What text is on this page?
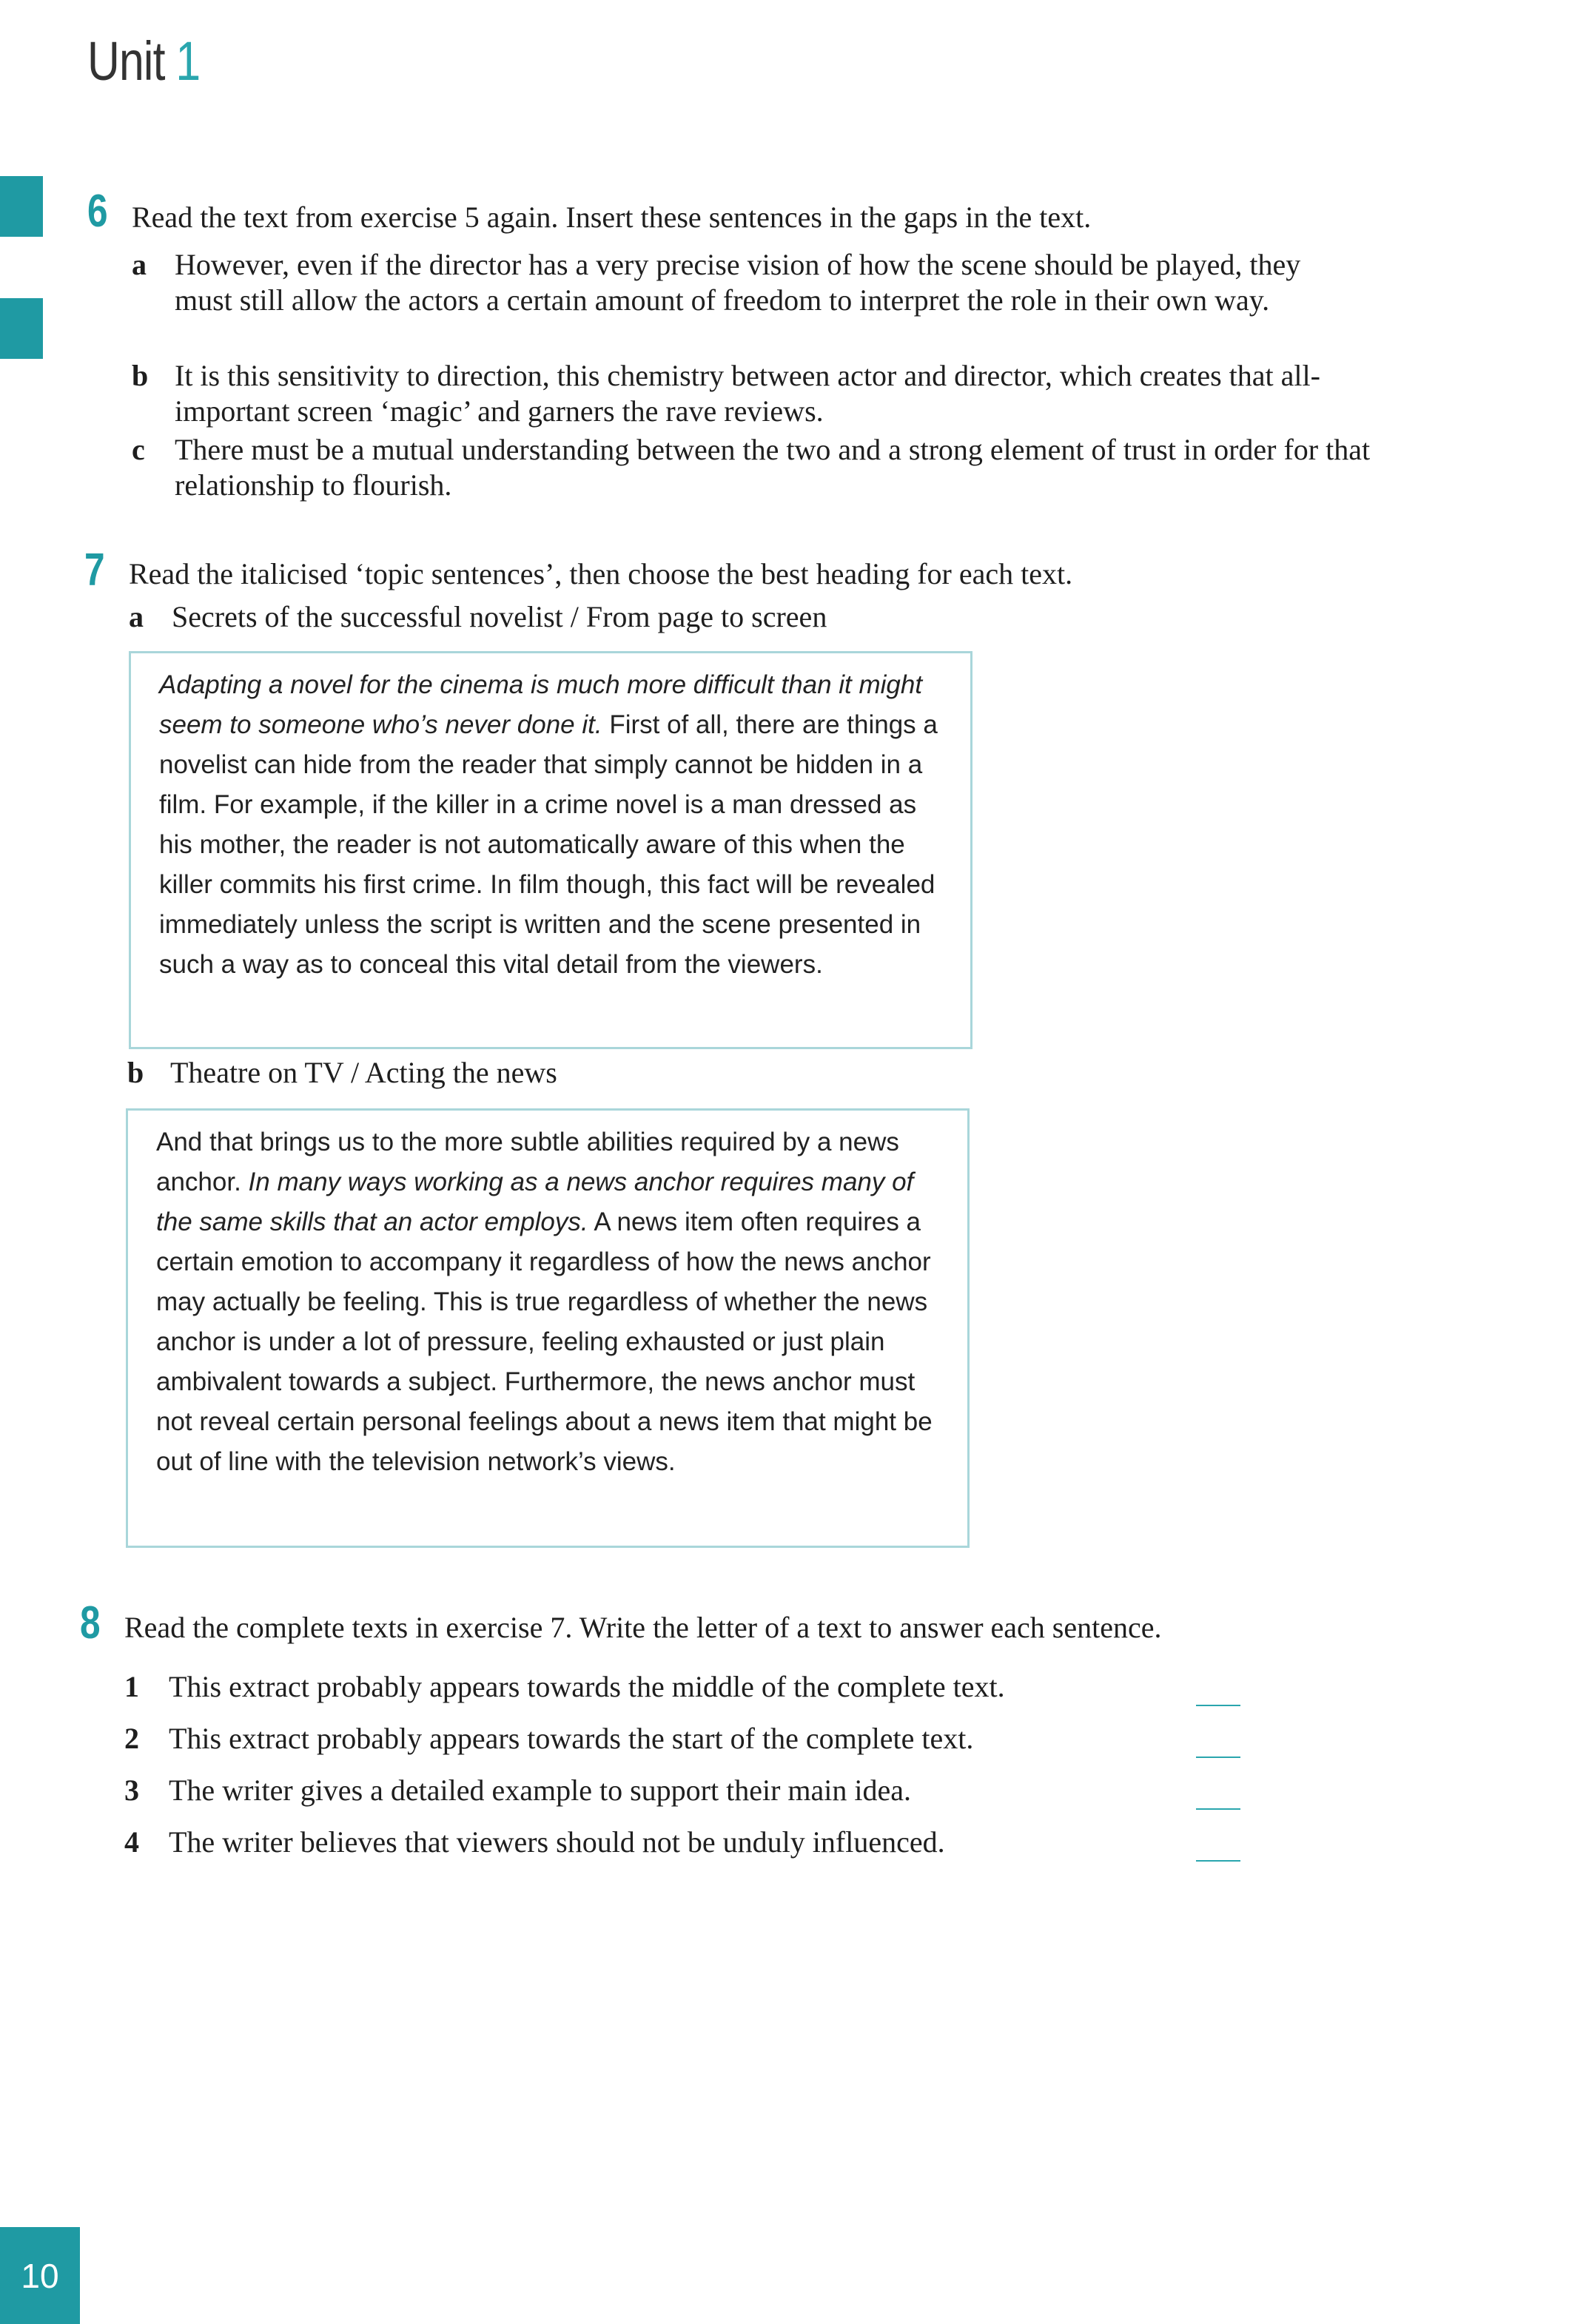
Unit 1
6 Read the text from exercise 5 again. Insert these sentences in the gaps in the text.
a However, even if the director has a very precise vision of how the scene should be played, they must still allow the actors a certain amount of freedom to interpret the role in their own way.
b It is this sensitivity to direction, this chemistry between actor and director, which creates that all-important screen ‘magic’ and garners the rave reviews.
c There must be a mutual understanding between the two and a strong element of trust in order for that relationship to flourish.
7 Read the italicised ‘topic sentences’, then choose the best heading for each text.
a Secrets of the successful novelist / From page to screen
Adapting a novel for the cinema is much more difficult than it might seem to someone who’s never done it. First of all, there are things a novelist can hide from the reader that simply cannot be hidden in a film. For example, if the killer in a crime novel is a man dressed as his mother, the reader is not automatically aware of this when the killer commits his first crime. In film though, this fact will be revealed immediately unless the script is written and the scene presented in such a way as to conceal this vital detail from the viewers.
b Theatre on TV / Acting the news
And that brings us to the more subtle abilities required by a news anchor. In many ways working as a news anchor requires many of the same skills that an actor employs. A news item often requires a certain emotion to accompany it regardless of how the news anchor may actually be feeling. This is true regardless of whether the news anchor is under a lot of pressure, feeling exhausted or just plain ambivalent towards a subject. Furthermore, the news anchor must not reveal certain personal feelings about a news item that might be out of line with the television network’s views.
8 Read the complete texts in exercise 7. Write the letter of a text to answer each sentence.
1 This extract probably appears towards the middle of the complete text.
2 This extract probably appears towards the start of the complete text.
3 The writer gives a detailed example to support their main idea.
4 The writer believes that viewers should not be unduly influenced.
10
